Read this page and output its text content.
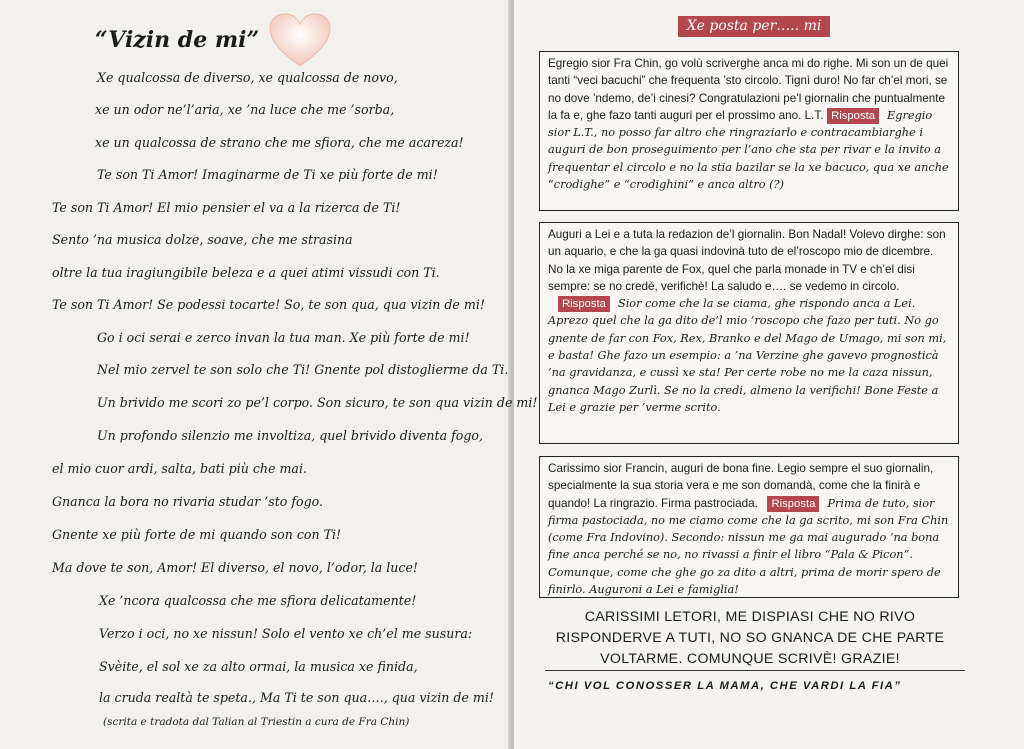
“Vizin de mi”
Xe qualcossa de diverso, xe qualcossa de novo,
xe un odor ne’l’aria, xe ’na luce che me ’sorba,
xe un qualcossa de strano che me sfiora, che me acareza!
Te son Ti Amor! Imaginarme de Ti xe più forte de mi!
Te son Ti Amor! El mio pensier el va a la rizerca de Ti!
Sento ’na musica dolze, soave, che me strasina
oltre la tua iragiungibile beleza e a quei atimi vissudi con Ti.
Te son Ti Amor! Se podessi tocarte! So, te son qua, qua vizin de mi!
Go i oci serai e zerco invan la tua man. Xe più forte de mi!
Nel mio zervel te son solo che Ti! Gnente pol distoglierme da Ti.
Un brivido me scori zo pe’l corpo. Son sicuro, te son qua vizin de mi!
Un profondo silenzio me involtiza, quel brivido diventa fogo,
el mio cuor ardi, salta, bati più che mai.
Gnanca la bora no rivaria studar ’sto fogo.
Gnente xe più forte de mi quando son con Ti!
Ma dove te son, Amor! El diverso, el novo, l’odor, la luce!
Xe ’ncora qualcossa che me sfiora delicatamente!
Verzo i oci, no xe nissun! Solo el vento xe ch’el me susura:
Svèite, el sol xe za alto ormai, la musica xe finida,
la cruda realtà te speta., Ma Ti te son qua…., qua vizin de mi!
(scrita e tradota dal Talian al Triestin a cura de Fra Chin)
Xe posta per….. mi
Egregio sior Fra Chin, go volù scriverghe anca mi do righe. Mi son un de quei tanti “veci bacuchi” che frequenta ’sto circolo. Tignì duro! No far ch’el mori, se no dove ’ndemo, de’i cinesi? Congratulazioni pe’l giornalin che puntualmente la fa e, ghe fazo tanti auguri per el prossimo ano. L.T. Risposta Egregio sior L.T., no posso far altro che ringraziarlo e contracambiarghe i auguri de bon proseguimento per l’ano che sta per rivar e la invito a frequentar el circolo e no la stia bazilar se la xe bacuco, qua xe anche “crodighe” e “crodighini” e anca altro (?)
Auguri a Lei e a tuta la redazion de’l giornalin. Bon Nadal! Volevo dirghe: son un aquario, e che la ga quasi indovinà tuto de el’roscopo mio de dicembre. No la xe miga parente de Fox, quel che parla monade in TV e ch’el disi sempre: se no credè, verifichè! La saludo e…. se vedemo in circolo. Risposta Sior come che la se ciama, ghe rispondo anca a Lei. Aprezo quel che la ga dito de’l mio ’roscopo che fazo per tuti. No go gnente de far con Fox, Rex, Branko e del Mago de Umago, mi son mi, e basta! Ghe fazo un esempio: a ’na Verzine ghe gavevo prognosticà ’na gravidanza, e cussì xe sta! Per certe robe no me la caza nissun, gnanca Mago Zurlì. Se no la credi, almeno la verifichi! Bone Feste a Lei e grazie per ’verme scrito.
Carissimo sior Francin, auguri de bona fine. Legio sempre el suo giornalin, specialmente la sua storia vera e me son domandà, come che la finirà e quando! La ringrazio. Firma pastrociada. Risposta Prima de tuto, sior firma pastociada, no me ciamo come che la ga scrito, mi son Fra Chin (come Fra Indovino). Secondo: nissun me ga mai augurado ’na bona fine anca perché se no, no rivassi a finir el libro “Pala & Picon”. Comunque, come che ghe go za dito a altri, prima de morir spero de finirlo. Auguroni a Lei e famiglia!
CARISSIMI LETORI, ME DISPIASI CHE NO RIVO RISPONDERVE A TUTI, NO SO GNANCA DE CHE PARTE VOLTARME. COMUNQUE SCRIVÈ! GRAZIE!
“CHI VOL CONOSSER LA MAMA, CHE VARDI LA FIA”
